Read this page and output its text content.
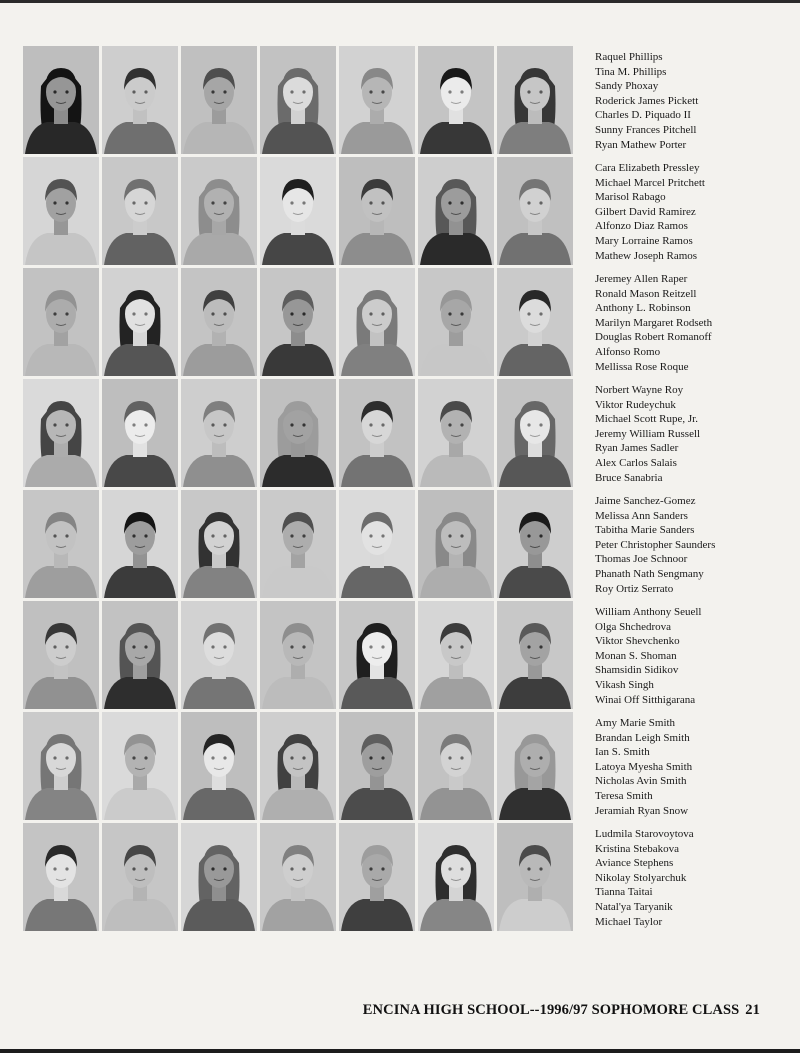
Raquel Phillips
Tina M. Phillips
Sandy Phoxay
Roderick James Pickett
Charles D. Piquado II
Sunny Frances Pitchell
Ryan Mathew Porter
Cara Elizabeth Pressley
Michael Marcel Pritchett
Marisol Rabago
Gilbert David Ramirez
Alfonzo Diaz Ramos
Mary Lorraine Ramos
Mathew Joseph Ramos
Jeremey Allen Raper
Ronald Mason Reitzell
Anthony L. Robinson
Marilyn Margaret Rodseth
Douglas Robert Romanoff
Alfonso Romo
Mellissa Rose Roque
Norbert Wayne Roy
Viktor Rudeychuk
Michael Scott Rupe, Jr.
Jeremy William Russell
Ryan James Sadler
Alex Carlos Salais
Bruce Sanabria
Jaime Sanchez-Gomez
Melissa Ann Sanders
Tabitha Marie Sanders
Peter Christopher Saunders
Thomas Joe Schnoor
Phanath Nath Sengmany
Roy Ortiz Serrato
William Anthony Seuell
Olga Shchedrova
Viktor Shevchenko
Monan S. Shoman
Shamsidin Sidikov
Vikash Singh
Winai Off Sitthigarana
Amy Marie Smith
Brandan Leigh Smith
Ian S. Smith
Latoya Myesha Smith
Nicholas Avin Smith
Teresa Smith
Jeramiah Ryan Snow
Ludmila Starovoytova
Kristina Stebakova
Aviance Stephens
Nikolay Stolyarchuk
Tianna Taitai
Natal'ya Taryanik
Michael Taylor
ENCINA HIGH SCHOOL--1996/97 SOPHOMORE CLASS 21
